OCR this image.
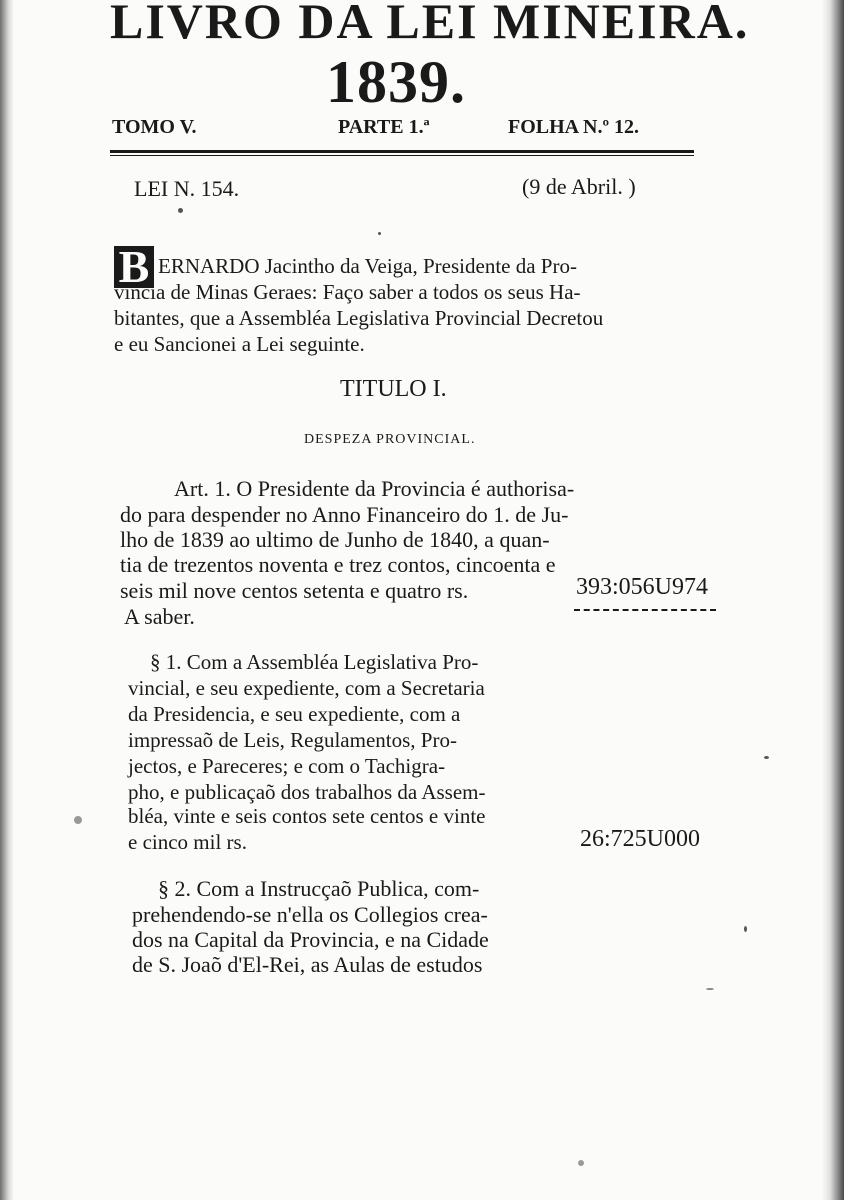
LIVRO DA LEI MINEIRA.
1839.
TOMO V.	PARTE 1.ª	FOLHA N.º 12.
LEI N. 154.	(9 de Abril. )
B ERNARDO Jacintho da Veiga, Presidente da Pro-
vincia de Minas Geraes: Faço saber a todos os seus Ha-
bitantes, que a Assembléa Legislativa Provincial Decretou
e eu Sancionei a Lei seguinte.
TITULO I.
DESPEZA PROVINCIAL.
Art. 1. O Presidente da Provincia é authorisa-
do para despender no Anno Financeiro do 1. de Ju-
lho de 1839 ao ultimo de Junho de 1840, a quan-
tia de trezentos noventa e trez contos, cincoenta e
seis mil nove centos setenta e quatro rs.	393:056U974
A saber.
§ 1. Com a Assembléa Legislativa Pro-
vincial, e seu expediente, com a Secretaria
da Presidencia, e seu expediente, com a
impressaõ de Leis, Regulamentos, Pro-
jectos, e Pareceres; e com o Tachigra-
pho, e publicaçaõ dos trabalhos da Assem-
bléa, vinte e seis contos sete centos e vinte
e cinco mil rs.	26:725U000
§ 2. Com a Instrucçaõ Publica, com-
prehendendo-se n'ella os Collegios crea-
dos na Capital da Provincia, e na Cidade
de S. Joaõ d'El-Rei, as Aulas de estudos
